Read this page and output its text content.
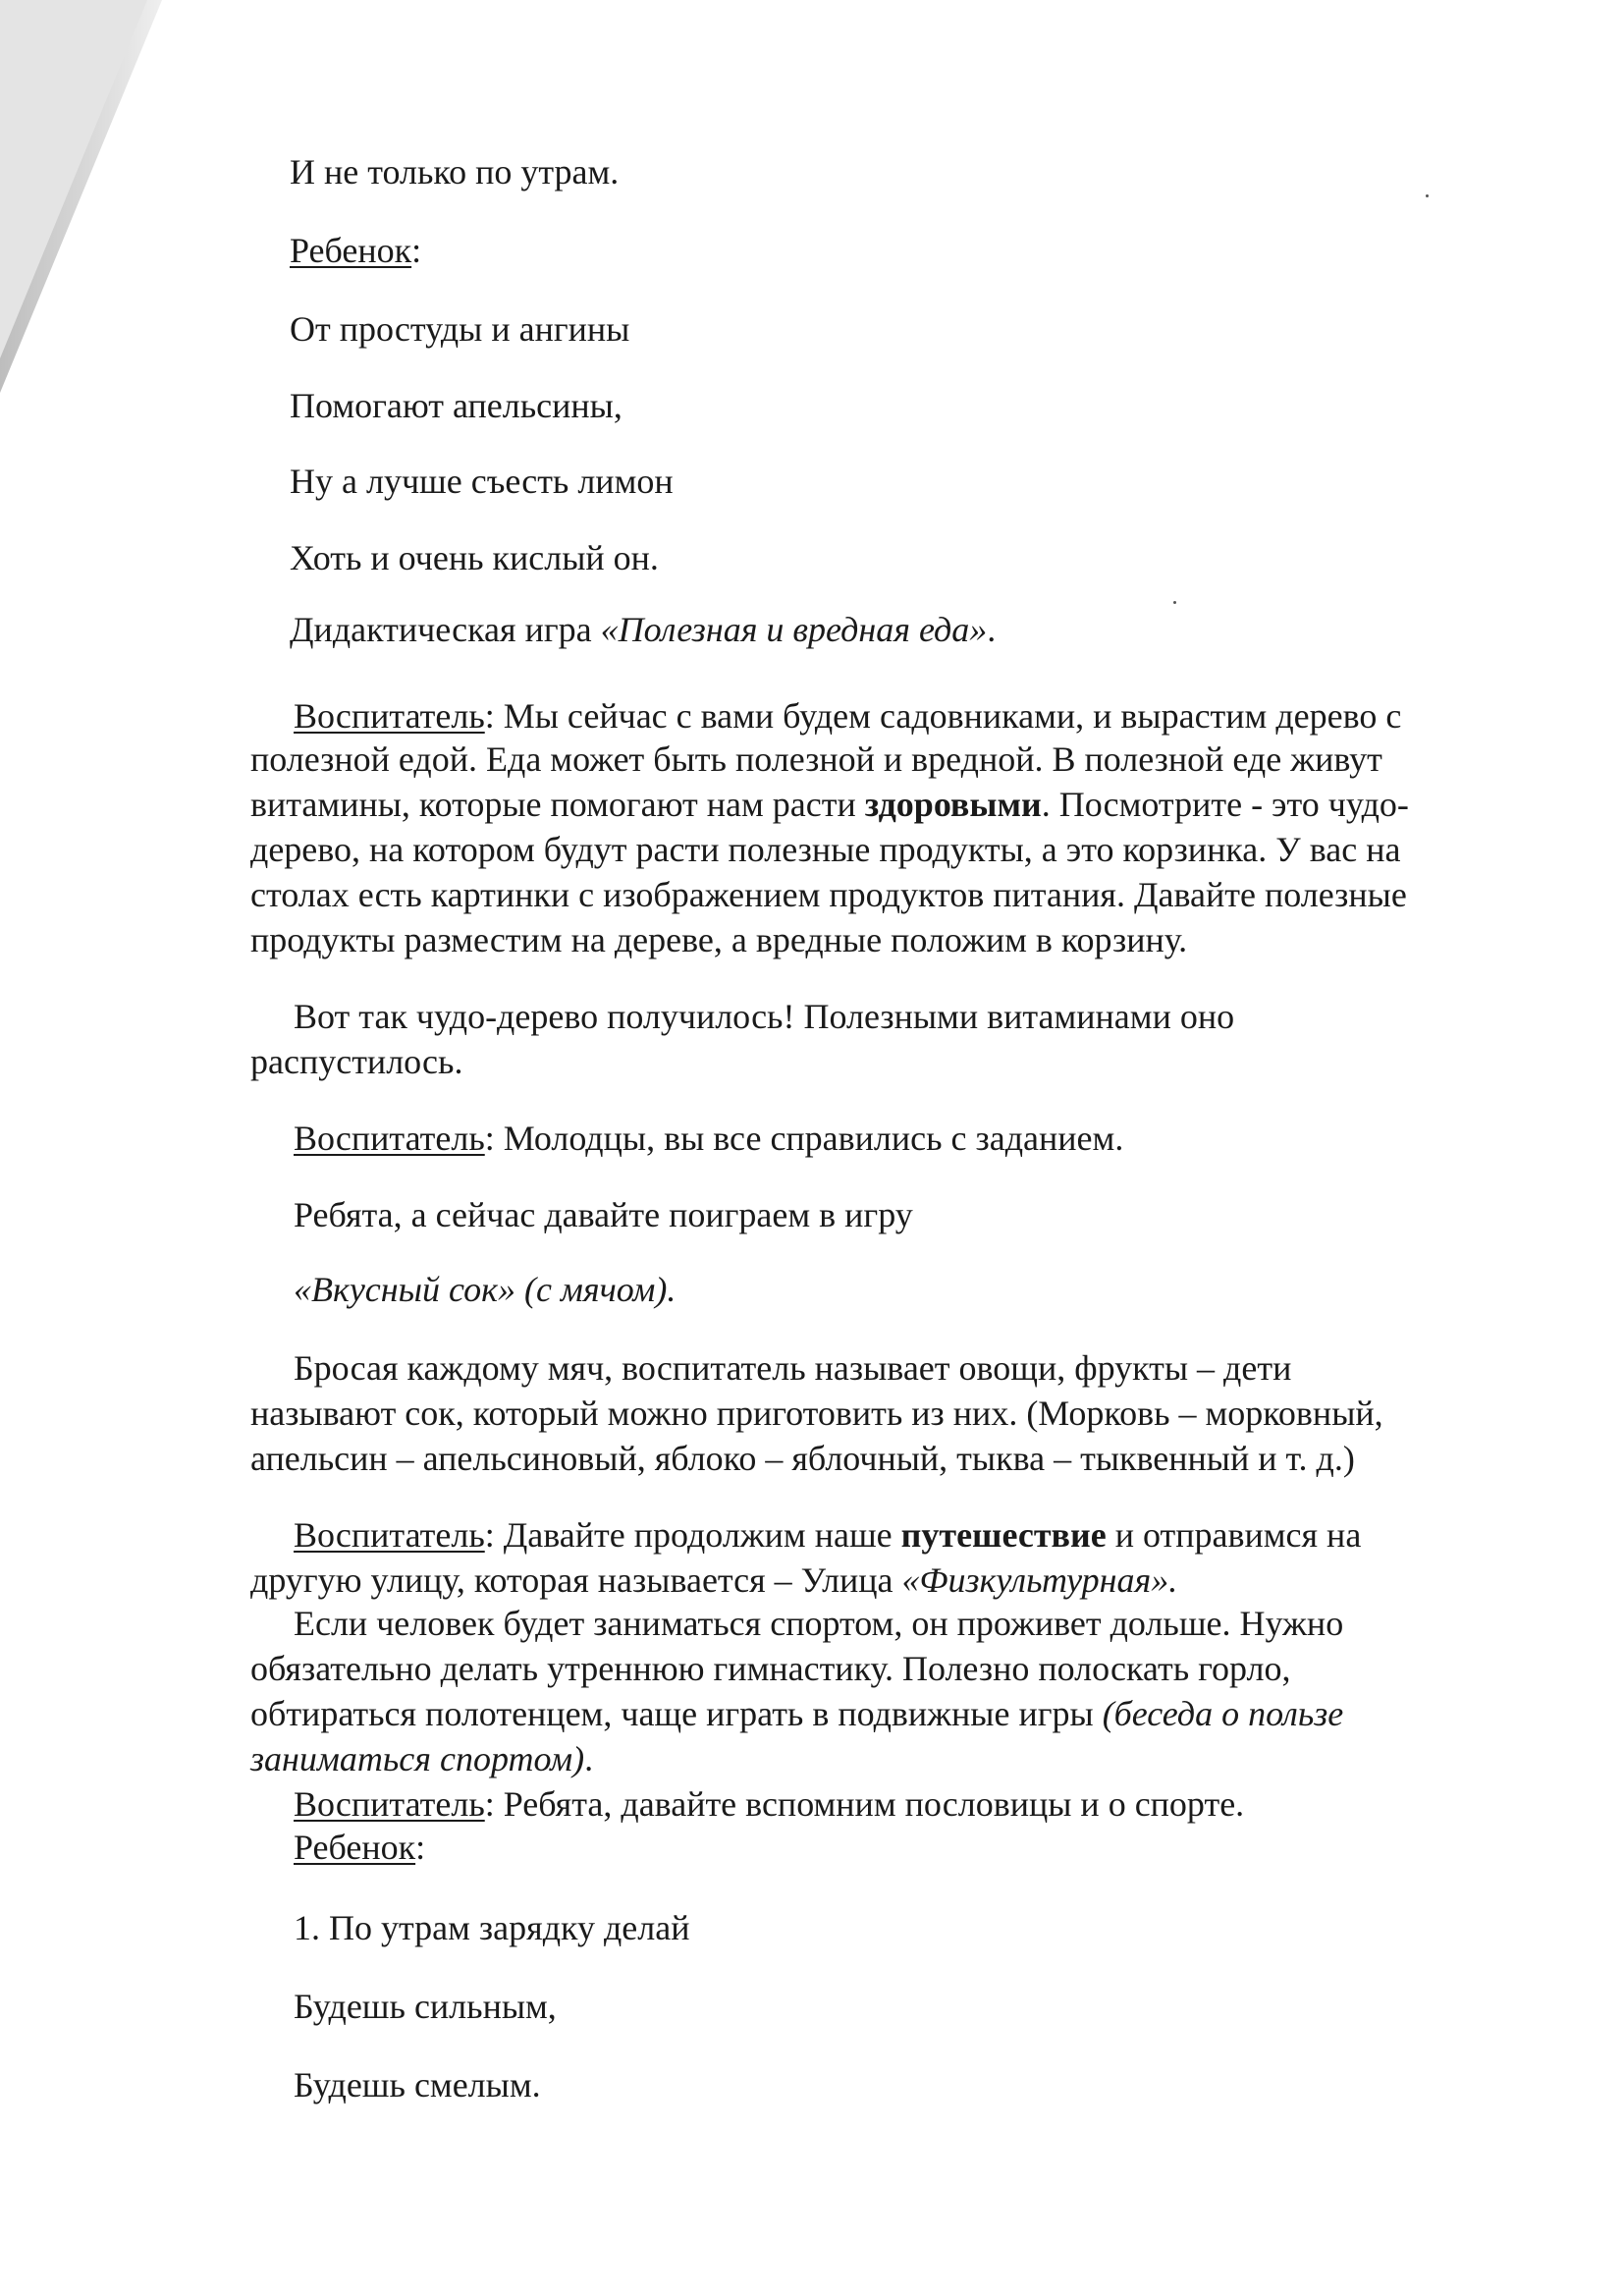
И не только по утрам.
Ребенок:
От простуды и ангины
Помогают апельсины,
Ну а лучше съесть лимон
Хоть и очень кислый он.
Дидактическая игра «Полезная и вредная еда».
Воспитатель: Мы сейчас с вами будем садовниками, и вырастим дерево с
полезной едой. Еда может быть полезной и вредной. В полезной еде живут
витамины, которые помогают нам расти здоровыми. Посмотрите - это чудо-
дерево, на котором будут расти полезные продукты, а это корзинка. У вас на
столах есть картинки с изображением продуктов питания. Давайте полезные
продукты разместим на дереве, а вредные положим в корзину.
Вот так чудо-дерево получилось! Полезными витаминами оно
распустилось.
Воспитатель: Молодцы, вы все справились с заданием.
Ребята, а сейчас давайте поиграем в игру
«Вкусный сок» (с мячом).
Бросая каждому мяч, воспитатель называет овощи, фрукты – дети
называют сок, который можно приготовить из них. (Морковь – морковный,
апельсин – апельсиновый, яблоко – яблочный, тыква – тыквенный и т. д.)
Воспитатель: Давайте продолжим наше путешествие и отправимся на
другую улицу, которая называется – Улица «Физкультурная».
Если человек будет заниматься спортом, он проживет дольше. Нужно
обязательно делать утреннюю гимнастику. Полезно полоскать горло,
обтираться полотенцем, чаще играть в подвижные игры (беседа о пользе
заниматься спортом).
Воспитатель: Ребята, давайте вспомним пословицы и о спорте.
Ребенок:
1. По утрам зарядку делай
Будешь сильным,
Будешь смелым.
